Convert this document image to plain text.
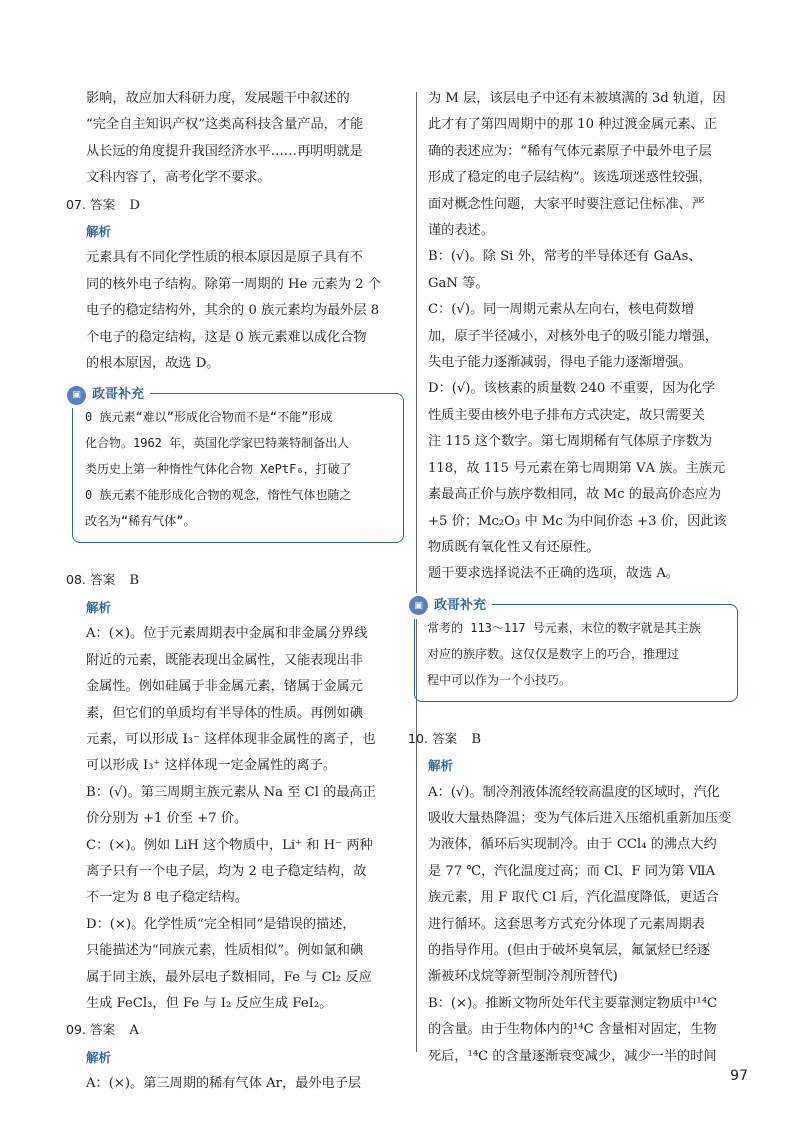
影响，故应加大科研力度，发展题干中叙述的

“完全自主知识产权”这类高科技含量产品，才能

从长远的角度提升我国经济水平……再明明就是

文科内容了，高考化学不要求。

07. 答案 D

解析

元素具有不同化学性质的根本原因是原子具有不

同的核外电子结构。除第一周期的 He 元素为 2 个

电子的稳定结构外，其余的 0 族元素均为最外层 8

个电子的稳定结构，这是 0 族元素难以成化合物

的根本原因，故选 D。

▣ 政哥补充

0 族元素“难以”形成化合物而不是“不能”形成

化合物。1962 年，英国化学家巴特莱特制备出人

类历史上第一种惰性气体化合物 XePtF₆，打破了

0 族元素不能形成化合物的观念，惰性气体也随之

改名为“稀有气体”。

08. 答案 B

解析

A：(×)。位于元素周期表中金属和非金属分界线

附近的元素，既能表现出金属性，又能表现出非

金属性。例如硅属于非金属元素，锗属于金属元

素，但它们的单质均有半导体的性质。再例如碘

元素，可以形成 I₃⁻ 这样体现非金属性的离子，也

可以形成 I₃⁺ 这样体现一定金属性的离子。

B：(√)。第三周期主族元素从 Na 至 Cl 的最高正

价分别为 +1 价至 +7 价。

C：(×)。例如 LiH 这个物质中，Li⁺ 和 H⁻ 两种

离子只有一个电子层，均为 2 电子稳定结构，故

不一定为 8 电子稳定结构。

D：(×)。化学性质“完全相同”是错误的描述，

只能描述为“同族元素，性质相似”。例如氯和碘

属于同主族，最外层电子数相同，Fe 与 Cl₂ 反应

生成 FeCl₃，但 Fe 与 I₂ 反应生成 FeI₂。

09. 答案 A

解析

A：(×)。第三周期的稀有气体 Ar，最外电子层

为 M 层，该层电子中还有未被填满的 3d 轨道，因

此才有了第四周期中的那 10 种过渡金属元素、正

确的表述应为：“稀有气体元素原子中最外电子层

形成了稳定的电子层结构”。该选项迷惑性较强，

面对概念性问题，大家平时要注意记住标准、严

谨的表述。

B：(√)。除 Si 外，常考的半导体还有 GaAs、

GaN 等。

C：(√)。同一周期元素从左向右，核电荷数增

加，原子半径减小，对核外电子的吸引能力增强，

失电子能力逐渐减弱，得电子能力逐渐增强。

D：(√)。该核素的质量数 240 不重要，因为化学

性质主要由核外电子排布方式决定，故只需要关

注 115 这个数字。第七周期稀有气体原子序数为

118，故 115 号元素在第七周期第 ⅤA 族。主族元

素最高正价与族序数相同，故 Mc 的最高价态应为

+5 价；Mc₂O₃ 中 Mc 为中间价态 +3 价，因此该

物质既有氧化性又有还原性。

题干要求选择说法不正确的选项，故选 A。

▣ 政哥补充

常考的 113～117 号元素，末位的数字就是其主族

对应的族序数。这仅仅是数字上的巧合，推理过

程中可以作为一个小技巧。

10. 答案 B

解析

A：(√)。制冷剂液体流经较高温度的区域时，汽化

吸收大量热降温；变为气体后进入压缩机重新加压变

为液体，循环后实现制冷。由于 CCl₄ 的沸点大约

是 77 ℃，汽化温度过高；而 Cl、F 同为第 ⅦA

族元素，用 F 取代 Cl 后，汽化温度降低，更适合

进行循环。这套思考方式充分体现了元素周期表

的指导作用。(但由于破坏臭氧层，氟氯烃已经逐

渐被环戊烷等新型制冷剂所替代)

B：(×)。推断文物所处年代主要靠测定物质中¹⁴C

的含量。由于生物体内的¹⁴C 含量相对固定，生物

死后，¹⁴C 的含量逐渐衰变减少，减少一半的时间

97
